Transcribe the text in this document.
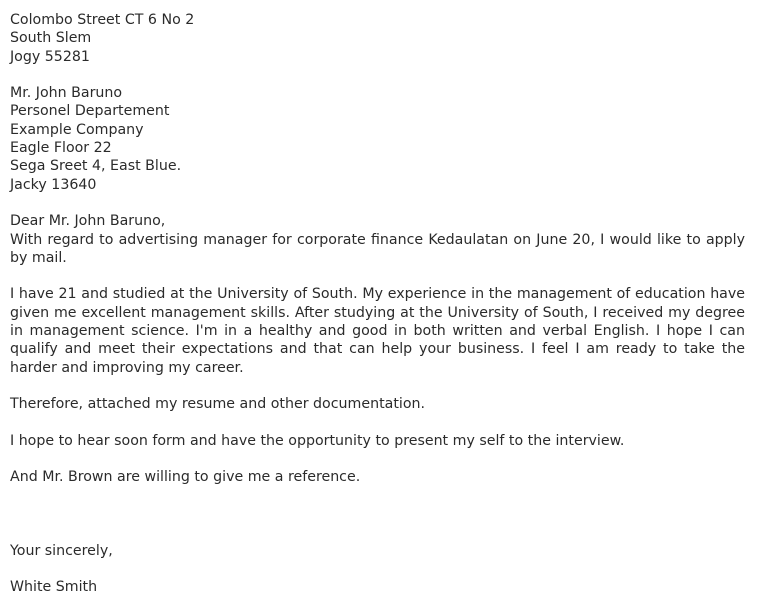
Colombo Street CT 6 No 2
South Slem
Jogy 55281
Mr. John Baruno
Personel Departement
Example Company
Eagle Floor 22
Sega Sreet 4, East Blue.
Jacky 13640
Dear Mr. John Baruno,
With regard to advertising manager for corporate finance Kedaulatan on June 20, I would like to apply by mail.
I have 21 and studied at the University of South. My experience in the management of education have given me excellent management skills. After studying at the University of South, I received my degree in management science. I'm in a healthy and good in both written and verbal English. I hope I can qualify and meet their expectations and that can help your business. I feel I am ready to take the harder and improving my career.
Therefore, attached my resume and other documentation.
I hope to hear soon form and have the opportunity to present my self to the interview.
And Mr. Brown are willing to give me a reference.
Your sincerely,
White Smith
